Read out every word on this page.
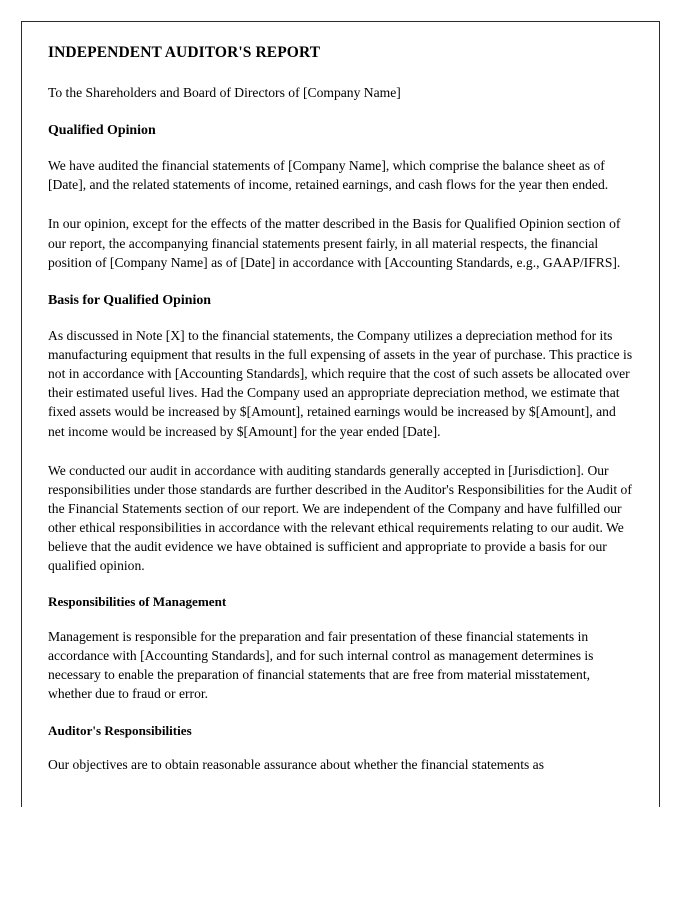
INDEPENDENT AUDITOR'S REPORT

To the Shareholders and Board of Directors of [Company Name]

Qualified Opinion

We have audited the financial statements of [Company Name], which comprise the balance sheet as of [Date], and the related statements of income, retained earnings, and cash flows for the year then ended.

In our opinion, except for the effects of the matter described in the Basis for Qualified Opinion section of our report, the accompanying financial statements present fairly, in all material respects, the financial position of [Company Name] as of [Date] in accordance with [Accounting Standards, e.g., GAAP/IFRS].

Basis for Qualified Opinion

As discussed in Note [X] to the financial statements, the Company utilizes a depreciation method for its manufacturing equipment that results in the full expensing of assets in the year of purchase. This practice is not in accordance with [Accounting Standards], which require that the cost of such assets be allocated over their estimated useful lives. Had the Company used an appropriate depreciation method, we estimate that fixed assets would be increased by $[Amount], retained earnings would be increased by $[Amount], and net income would be increased by $[Amount] for the year ended [Date].

We conducted our audit in accordance with auditing standards generally accepted in [Jurisdiction]. Our responsibilities under those standards are further described in the Auditor's Responsibilities for the Audit of the Financial Statements section of our report. We are independent of the Company and have fulfilled our other ethical responsibilities in accordance with the relevant ethical requirements relating to our audit. We believe that the audit evidence we have obtained is sufficient and appropriate to provide a basis for our qualified opinion.

Responsibilities of Management

Management is responsible for the preparation and fair presentation of these financial statements in accordance with [Accounting Standards], and for such internal control as management determines is necessary to enable the preparation of financial statements that are free from material misstatement, whether due to fraud or error.

Auditor's Responsibilities

Our objectives are to obtain reasonable assurance about whether the financial statements as
